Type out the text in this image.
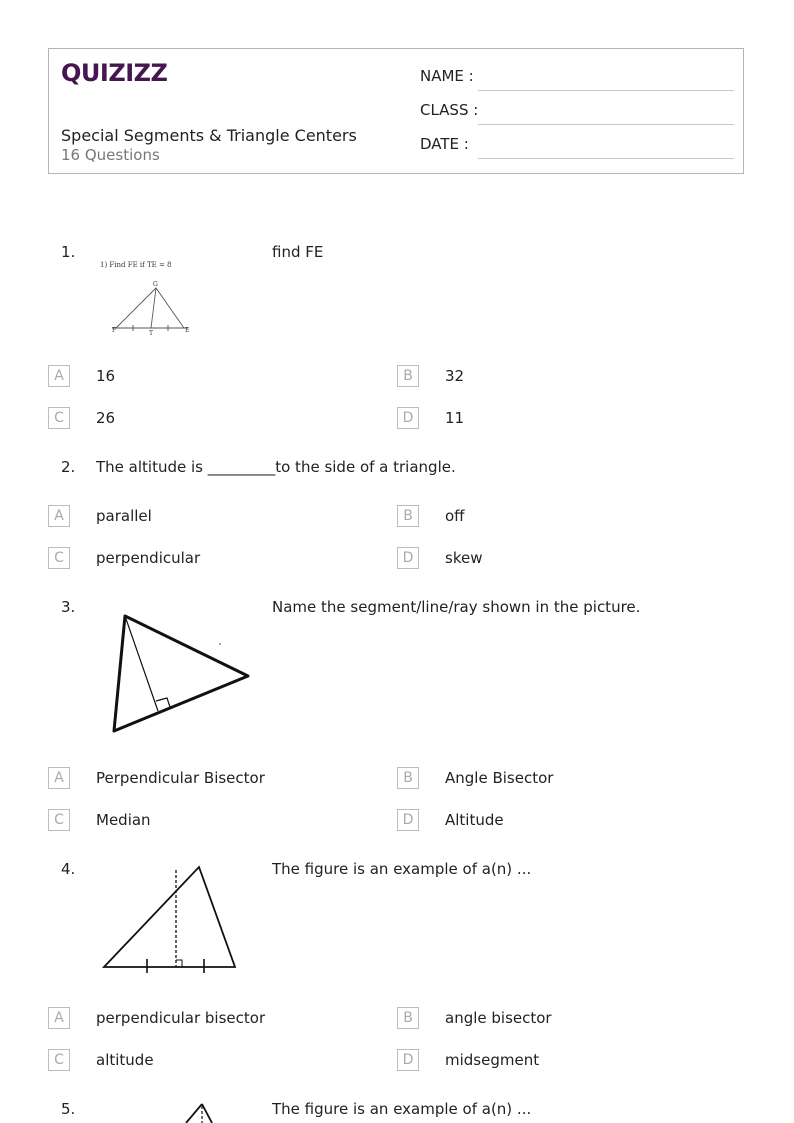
QUIZIZZ
Special Segments & Triangle Centers
16 Questions
NAME :
CLASS :
DATE :
1.	find FE
1) Find FE if TE = 8
G
F	T	E
A	16	B	32
C	26	D	11
2. The altitude is _________to the side of a triangle.
A	parallel	B	off
C	perpendicular	D	skew
3.	Name the segment/line/ray shown in the picture.
A	Perpendicular Bisector	B	Angle Bisector
C	Median	D	Altitude
4.	The figure is an example of a(n) ...
A	perpendicular bisector	B	angle bisector
C	altitude	D	midsegment
5.	The figure is an example of a(n) ...
